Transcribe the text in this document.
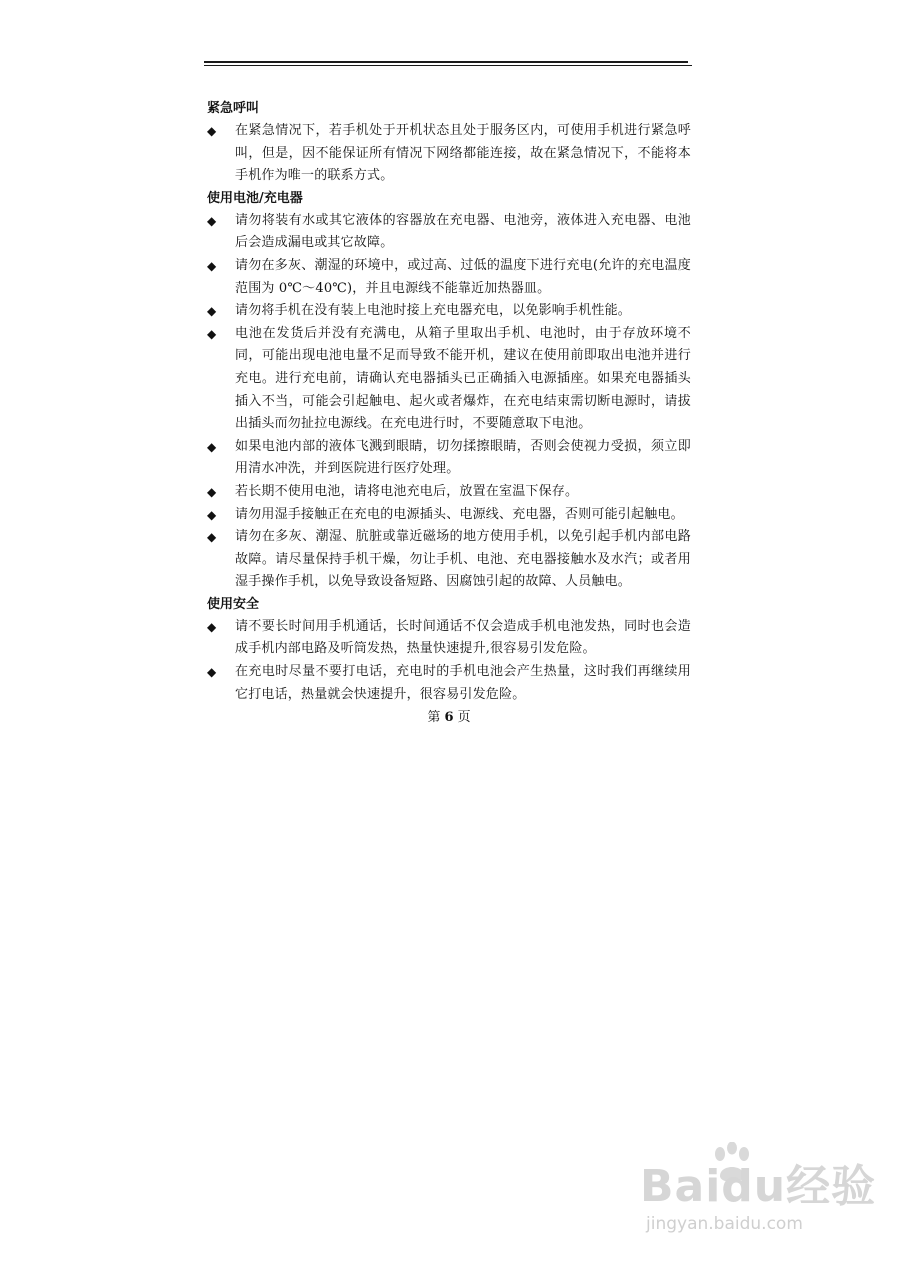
紧急呼叫

◆	在紧急情况下，若手机处于开机状态且处于服务区内，可使用手机进行紧急呼叫，但是，因不能保证所有情况下网络都能连接，故在紧急情况下，不能将本手机作为唯一的联系方式。

使用电池/充电器

◆	请勿将装有水或其它液体的容器放在充电器、电池旁，液体进入充电器、电池后会造成漏电或其它故障。
◆	请勿在多灰、潮湿的环境中，或过高、过低的温度下进行充电(允许的充电温度范围为 0℃～40℃)，并且电源线不能靠近加热器皿。
◆	请勿将手机在没有装上电池时接上充电器充电，以免影响手机性能。
◆	电池在发货后并没有充满电，从箱子里取出手机、电池时，由于存放环境不同，可能出现电池电量不足而导致不能开机，建议在使用前即取出电池并进行充电。进行充电前，请确认充电器插头已正确插入电源插座。如果充电器插头插入不当，可能会引起触电、起火或者爆炸，在充电结束需切断电源时，请拔出插头而勿扯拉电源线。在充电进行时，不要随意取下电池。
◆	如果电池内部的液体飞溅到眼睛，切勿揉擦眼睛，否则会使视力受损，须立即用清水冲洗，并到医院进行医疗处理。
◆	若长期不使用电池，请将电池充电后，放置在室温下保存。
◆	请勿用湿手接触正在充电的电源插头、电源线、充电器，否则可能引起触电。
◆	请勿在多灰、潮湿、肮脏或靠近磁场的地方使用手机，以免引起手机内部电路故障。请尽量保持手机干燥，勿让手机、电池、充电器接触水及水汽；或者用湿手操作手机，以免导致设备短路、因腐蚀引起的故障、人员触电。

使用安全

◆	请不要长时间用手机通话，长时间通话不仅会造成手机电池发热，同时也会造成手机内部电路及听筒发热，热量快速提升,很容易引发危险。
◆	在充电时尽量不要打电话，充电时的手机电池会产生热量，这时我们再继续用它打电话，热量就会快速提升，很容易引发危险。
第 6 页
Baidu经验
jingyan.baidu.com
